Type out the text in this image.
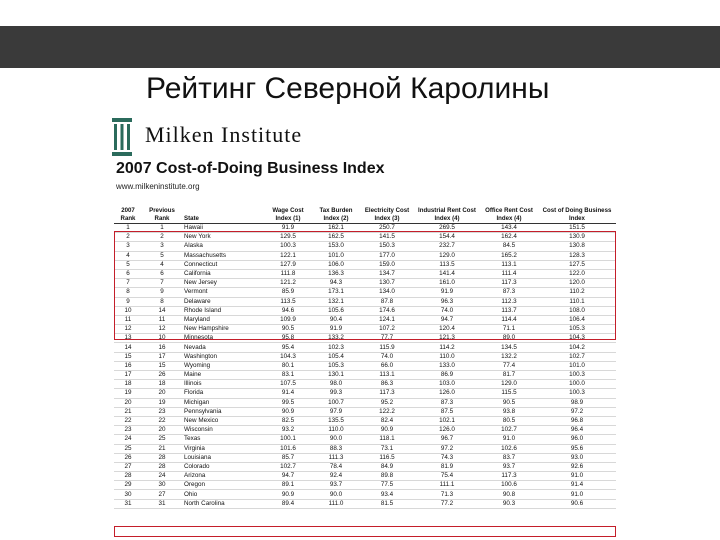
Рейтинг Северной Каролины
Milken Institute
2007 Cost-of-Doing Business Index
www.milkeninstitute.org
2007 Rank	Previous Rank	State	Wage Cost Index (1)	Tax Burden Index (2)	Electricity Cost Index (3)	Industrial Rent Cost Index (4)	Office Rent Cost Index (4)	Cost of Doing Business Index
1	1	Hawaii	91.9	162.1	250.7	269.5	143.4	151.5
2	2	New York	129.5	162.5	141.5	154.4	162.4	130.9
3	3	Alaska	100.3	153.0	150.3	232.7	84.5	130.8
4	5	Massachusetts	122.1	101.0	177.0	129.0	165.2	128.3
5	4	Connecticut	127.9	106.0	159.0	113.5	113.1	127.5
6	6	California	111.8	136.3	134.7	141.4	111.4	122.0
7	7	New Jersey	121.2	94.3	130.7	161.0	117.3	120.0
8	9	Vermont	85.9	173.1	134.0	91.9	87.3	110.2
9	8	Delaware	113.5	132.1	87.8	96.3	112.3	110.1
10	14	Rhode Island	94.6	105.6	174.6	74.0	113.7	108.0
11	11	Maryland	109.9	90.4	124.1	94.7	114.4	106.4
12	12	New Hampshire	90.5	91.9	107.2	120.4	71.1	105.3
13	10	Minnesota	95.8	133.2	77.7	121.3	89.0	104.3
14	16	Nevada	95.4	102.3	115.9	114.2	134.5	104.2
15	17	Washington	104.3	105.4	74.0	110.0	132.2	102.7
16	15	Wyoming	80.1	105.3	66.0	133.0	77.4	101.0
17	26	Maine	83.1	130.1	113.1	86.9	81.7	100.3
18	18	Illinois	107.5	98.0	86.3	103.0	129.0	100.0
19	20	Florida	91.4	99.3	117.3	126.0	115.5	100.3
20	19	Michigan	99.5	100.7	95.2	87.3	90.5	98.9
21	23	Pennsylvania	90.9	97.9	122.2	87.5	93.8	97.2
22	22	New Mexico	82.5	135.5	82.4	102.1	80.5	96.8
23	20	Wisconsin	93.2	110.0	90.9	126.0	102.7	96.4
24	25	Texas	100.1	90.0	118.1	96.7	91.0	96.0
25	21	Virginia	101.6	88.3	73.1	97.2	102.6	95.6
26	28	Louisiana	85.7	111.3	116.5	74.3	83.7	93.0
27	28	Colorado	102.7	78.4	84.9	81.9	93.7	92.6
28	24	Arizona	94.7	92.4	89.8	75.4	117.3	91.0
29	30	Oregon	89.1	93.7	77.5	111.1	100.6	91.4
30	27	Ohio	90.9	90.0	93.4	71.3	90.8	91.0
31	31	North Carolina	89.4	111.0	81.5	77.2	90.3	90.6
